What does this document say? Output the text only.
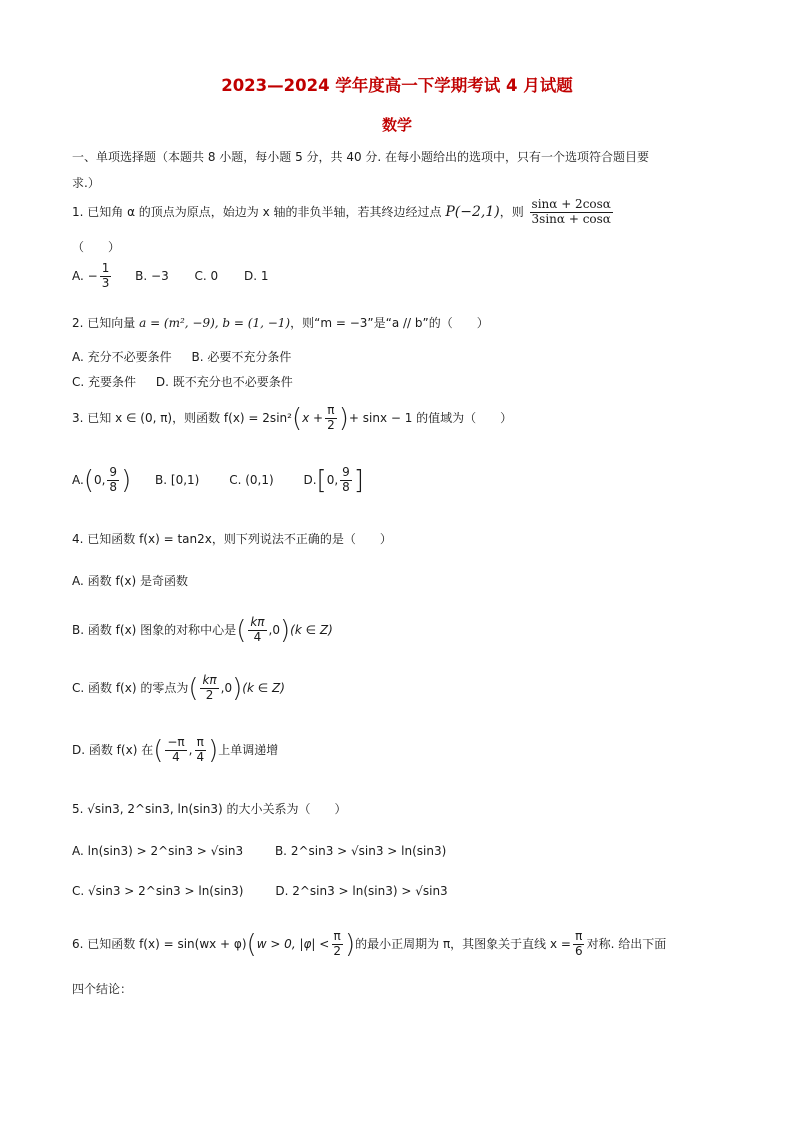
2023—2024 学年度高一下学期考试 4 月试题
数学
一、单项选择题（本题共 8 小题，每小题 5 分，共 40 分. 在每小题给出的选项中，只有一个选项符合题目要
求.）
1. 已知角 α 的顶点为原点，始边为 x 轴的非负半轴，若其终边经过点 P(−2,1)，则 $\frac{\sin\alpha + 2\cos\alpha}{3\sin\alpha + \cos\alpha}$
（　　）
A. − $\frac{1}{3} B$. −3 C. 0 D. 1
2. 已知向量 a = (m², −9), b = (1, −1)，则“m = −3”是“a // b”的（　　）
A. 充分不必要条件 B. 必要不充分条件
C. 充要条件 D. 既不充分也不必要条件
3. 已知 x ∈ (0, π)，则函数 $f(x) = 2\sin^2(x + \frac{\pi}{2}$ )+ sinx − 1 的值域为（　　）
A.(0, $\frac{9}{8}$ ) B. [0,1) C. (0,1) D.[0, $\frac{9}{8}$ ]
4. 已知函数 f(x) = tan2x，则下列说法不正确的是（　　）
A. 函数 f(x) 是奇函数
B. 函数 f(x) 图象的对称中心是( $\frac{k\pi}{4} ,0)(k$ ∈ Z)
C. 函数 f(x) 的零点为( $\frac{k\pi}{2} ,0)(k$ ∈ Z)
D. 函数 f(x) 在( $\frac{-\pi}{4}$ , $\frac{\pi}{4}$ )上单调递增
5. √sin3, 2^sin3, ln(sin3) 的大小关系为（　　）
A. ln(sin3) > 2^sin3 > √sin3	B. 2^sin3 > √sin3 > ln(sin3)
C. √sin3 > 2^sin3 > ln(sin3)	D. 2^sin3 > ln(sin3) > √sin3
6. 已知函数 f(x) = sin(wx + φ)(w > 0, $|\varphi| < \frac{\pi}{2}$ )的最小正周期为 π，其图象关于直线 $x = \frac{\pi}{6}$ 对称. 给出下面
四个结论：
